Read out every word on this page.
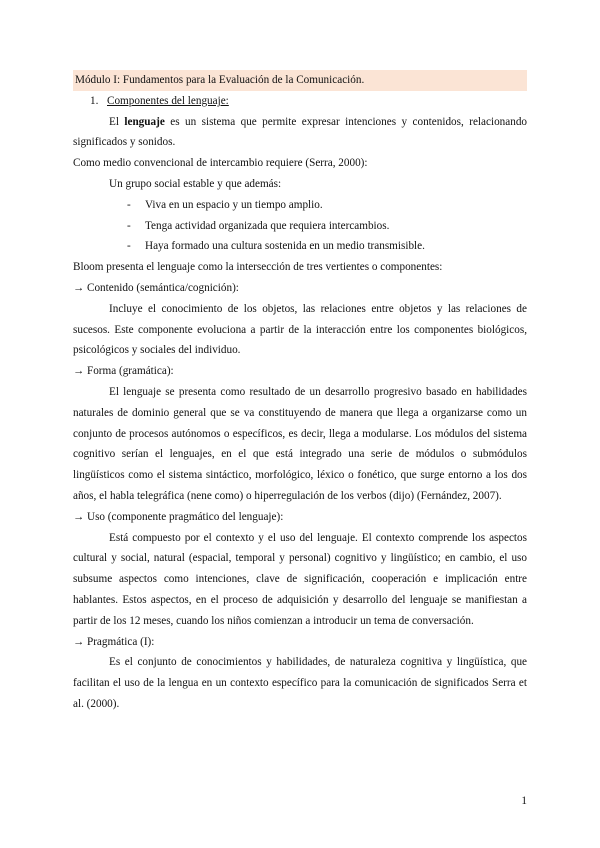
Módulo I: Fundamentos para la Evaluación de la Comunicación.

1. Componentes del lenguaje:

El lenguaje es un sistema que permite expresar intenciones y contenidos, relacionando significados y sonidos.

Como medio convencional de intercambio requiere (Serra, 2000):

Un grupo social estable y que además:

- Viva en un espacio y un tiempo amplio.

- Tenga actividad organizada que requiera intercambios.

- Haya formado una cultura sostenida en un medio transmisible.

Bloom presenta el lenguaje como la intersección de tres vertientes o componentes:

→ Contenido (semántica/cognición):

Incluye el conocimiento de los objetos, las relaciones entre objetos y las relaciones de sucesos. Este componente evoluciona a partir de la interacción entre los componentes biológicos, psicológicos y sociales del individuo.

→ Forma (gramática):

El lenguaje se presenta como resultado de un desarrollo progresivo basado en habilidades naturales de dominio general que se va constituyendo de manera que llega a organizarse como un conjunto de procesos autónomos o específicos, es decir, llega a modularse. Los módulos del sistema cognitivo serían el lenguajes, en el que está integrado una serie de módulos o submódulos lingüísticos como el sistema sintáctico, morfológico, léxico o fonético, que surge entorno a los dos años, el habla telegráfica (nene como) o hiperregulación de los verbos (dijo) (Fernández, 2007).

→ Uso (componente pragmático del lenguaje):

Está compuesto por el contexto y el uso del lenguaje. El contexto comprende los aspectos cultural y social, natural (espacial, temporal y personal) cognitivo y lingüístico; en cambio, el uso subsume aspectos como intenciones, clave de significación, cooperación e implicación entre hablantes. Estos aspectos, en el proceso de adquisición y desarrollo del lenguaje se manifiestan a partir de los 12 meses, cuando los niños comienzan a introducir un tema de conversación.

→ Pragmática (I):

Es el conjunto de conocimientos y habilidades, de naturaleza cognitiva y lingüística, que facilitan el uso de la lengua en un contexto específico para la comunicación de significados Serra et al. (2000).

1
